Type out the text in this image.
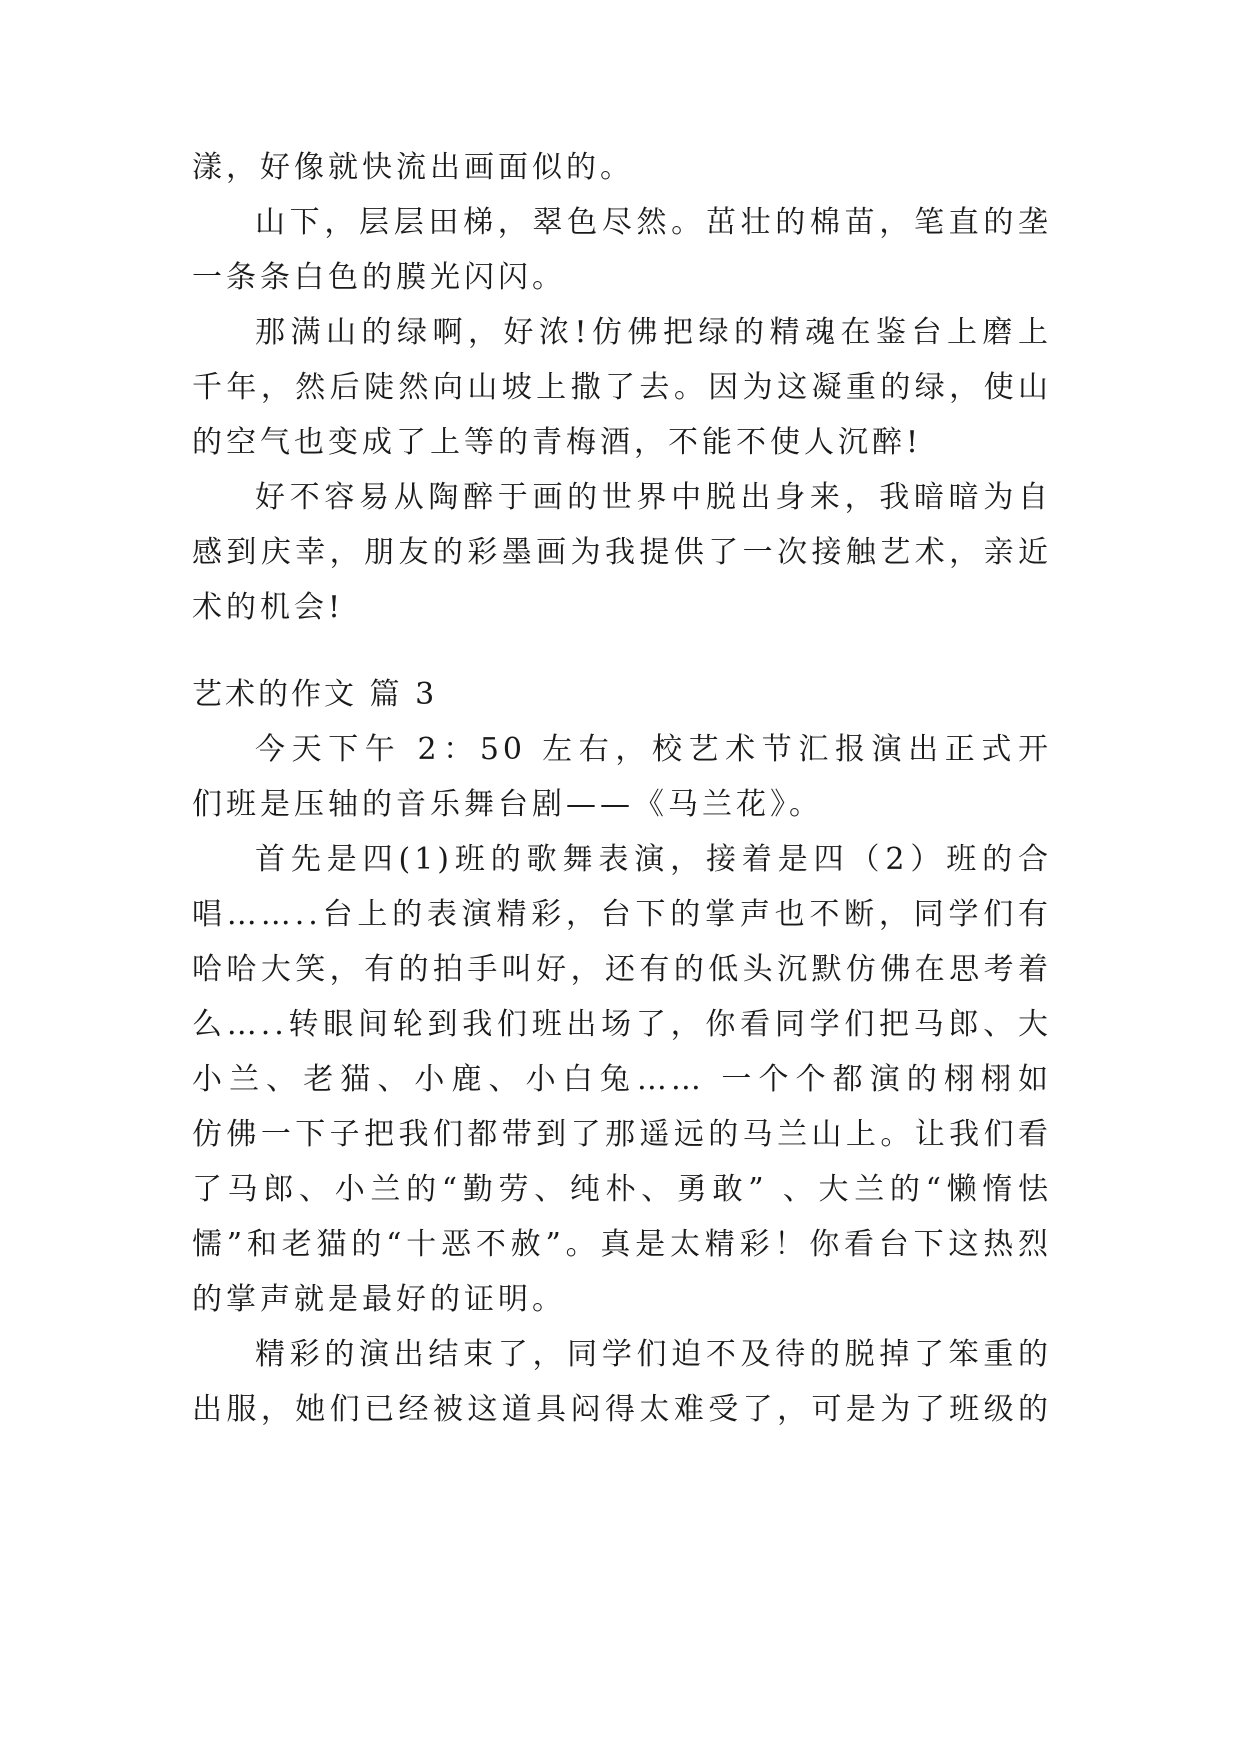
漾，好像就快流出画面似的。
山下，层层田梯，翠色尽然。茁壮的棉苗，笔直的垄
一条条白色的膜光闪闪。
那满山的绿啊，好浓!仿佛把绿的精魂在鉴台上磨上
千年，然后陡然向山坡上撒了去。因为这凝重的绿，使山
的空气也变成了上等的青梅酒，不能不使人沉醉!
好不容易从陶醉于画的世界中脱出身来，我暗暗为自
感到庆幸，朋友的彩墨画为我提供了一次接触艺术，亲近
术的机会!
艺术的作文 篇 3
今天下午 2：50 左右，校艺术节汇报演出正式开
们班是压轴的音乐舞台剧——《马兰花》。
首先是四(1)班的歌舞表演，接着是四（2）班的合
唱……..台上的表演精彩，台下的掌声也不断，同学们有
哈哈大笑，有的拍手叫好，还有的低头沉默仿佛在思考着
么…..转眼间轮到我们班出场了，你看同学们把马郎、大
小兰、老猫、小鹿、小白兔…… 一个个都演的栩栩如
仿佛一下子把我们都带到了那遥远的马兰山上。让我们看
了马郎、小兰的“勤劳、纯朴、勇敢” 、大兰的“懒惰怯
懦”和老猫的“十恶不赦”。真是太精彩！你看台下这热烈
的掌声就是最好的证明。
精彩的演出结束了，同学们迫不及待的脱掉了笨重的
出服，她们已经被这道具闷得太难受了，可是为了班级的
